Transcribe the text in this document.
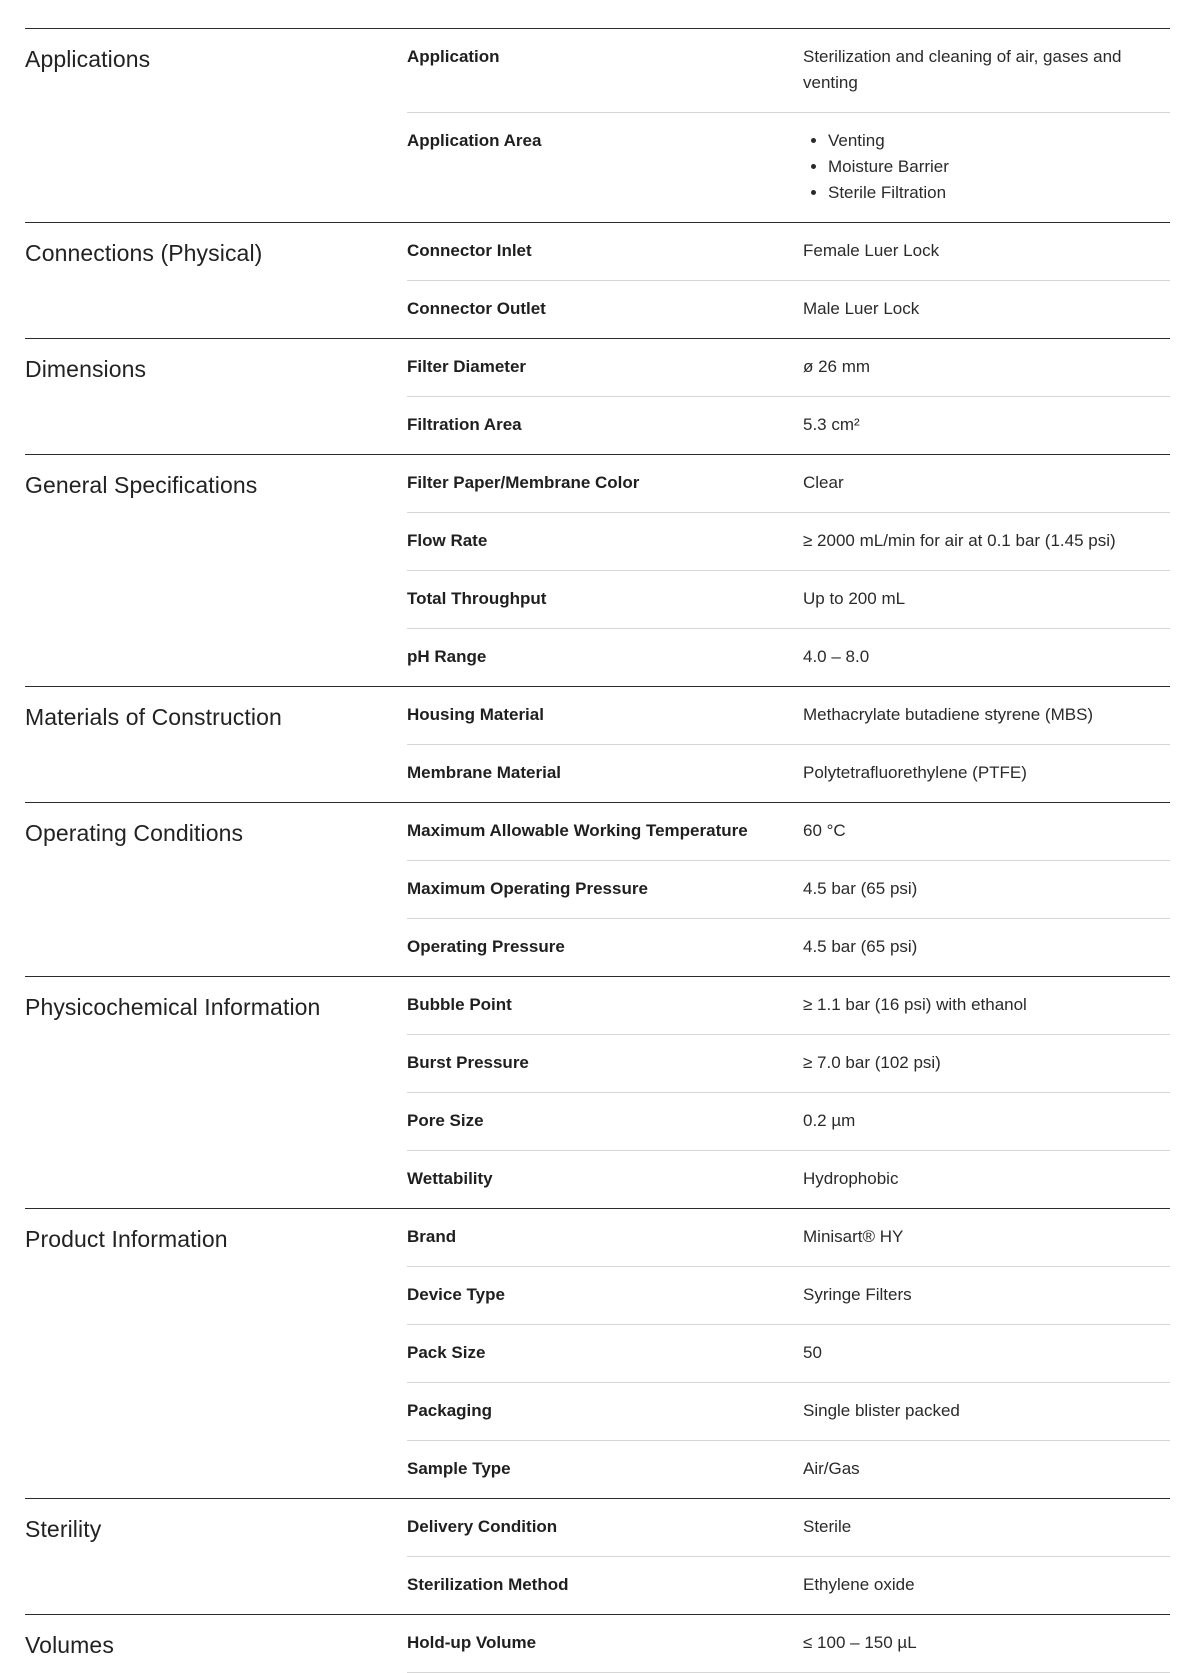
Applications	Application	Sterilization and cleaning of air, gases and venting
Application Area
•	Venting
• Moisture Barrier
• Sterile Filtration
Connections (Physical)	Connector Inlet	Female Luer Lock
Connector Outlet	Male Luer Lock
Dimensions	Filter Diameter	ø 26 mm
Filtration Area	5.3 cm²
General Specifications	Filter Paper/Membrane Color	Clear
Flow Rate	≥ 2000 mL/min for air at 0.1 bar (1.45 psi)
Total Throughput	Up to 200 mL
pH Range	4.0 – 8.0
Materials of Construction	Housing Material	Methacrylate butadiene styrene (MBS)
Membrane Material	Polytetrafluorethylene (PTFE)
Operating Conditions	Maximum Allowable Working Temperature	60 °C
Maximum Operating Pressure	4.5 bar (65 psi)
Operating Pressure	4.5 bar (65 psi)
Physicochemical Information	Bubble Point	≥ 1.1 bar (16 psi) with ethanol
Burst Pressure	≥ 7.0 bar (102 psi)
Pore Size	0.2 µm
Wettability	Hydrophobic
Product Information	Brand	Minisart® HY
Device Type	Syringe Filters
Pack Size	50
Packaging	Single blister packed
Sample Type	Air/Gas
Sterility	Delivery Condition	Sterile
Sterilization Method	Ethylene oxide
Volumes	Hold-up Volume	≤ 100 – 150 µL
